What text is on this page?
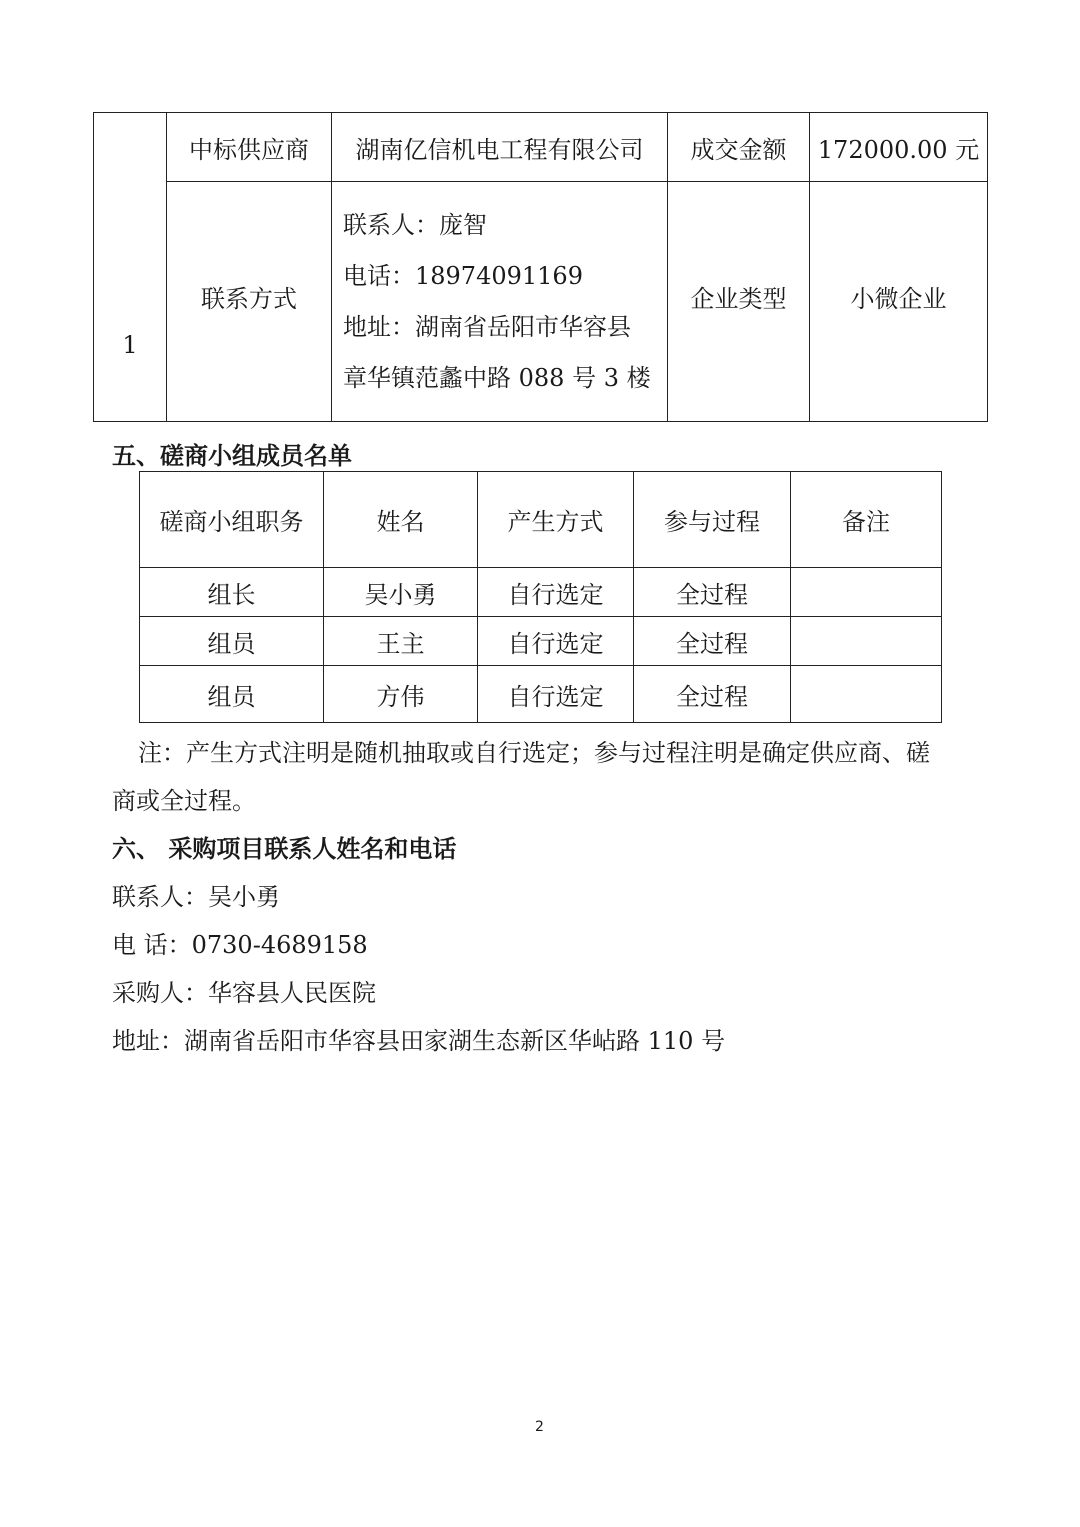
1	中标供应商	湖南亿信机电工程有限公司	成交金额	172000.00 元
	联系方式	联系人：庞智
电话：18974091169
地址：湖南省岳阳市华容县
章华镇范蠡中路 088 号 3 楼	企业类型	小微企业
五、磋商小组成员名单
磋商小组职务	姓名	产生方式	参与过程	备注
组长	吴小勇	自行选定	全过程	
组员	王主	自行选定	全过程	
组员	方伟	自行选定	全过程	
注：产生方式注明是随机抽取或自行选定；参与过程注明是确定供应商、磋
商或全过程。
六、 采购项目联系人姓名和电话
联系人：吴小勇
电 话：0730-4689158
采购人：华容县人民医院
地址：湖南省岳阳市华容县田家湖生态新区华岾路 110 号
2
